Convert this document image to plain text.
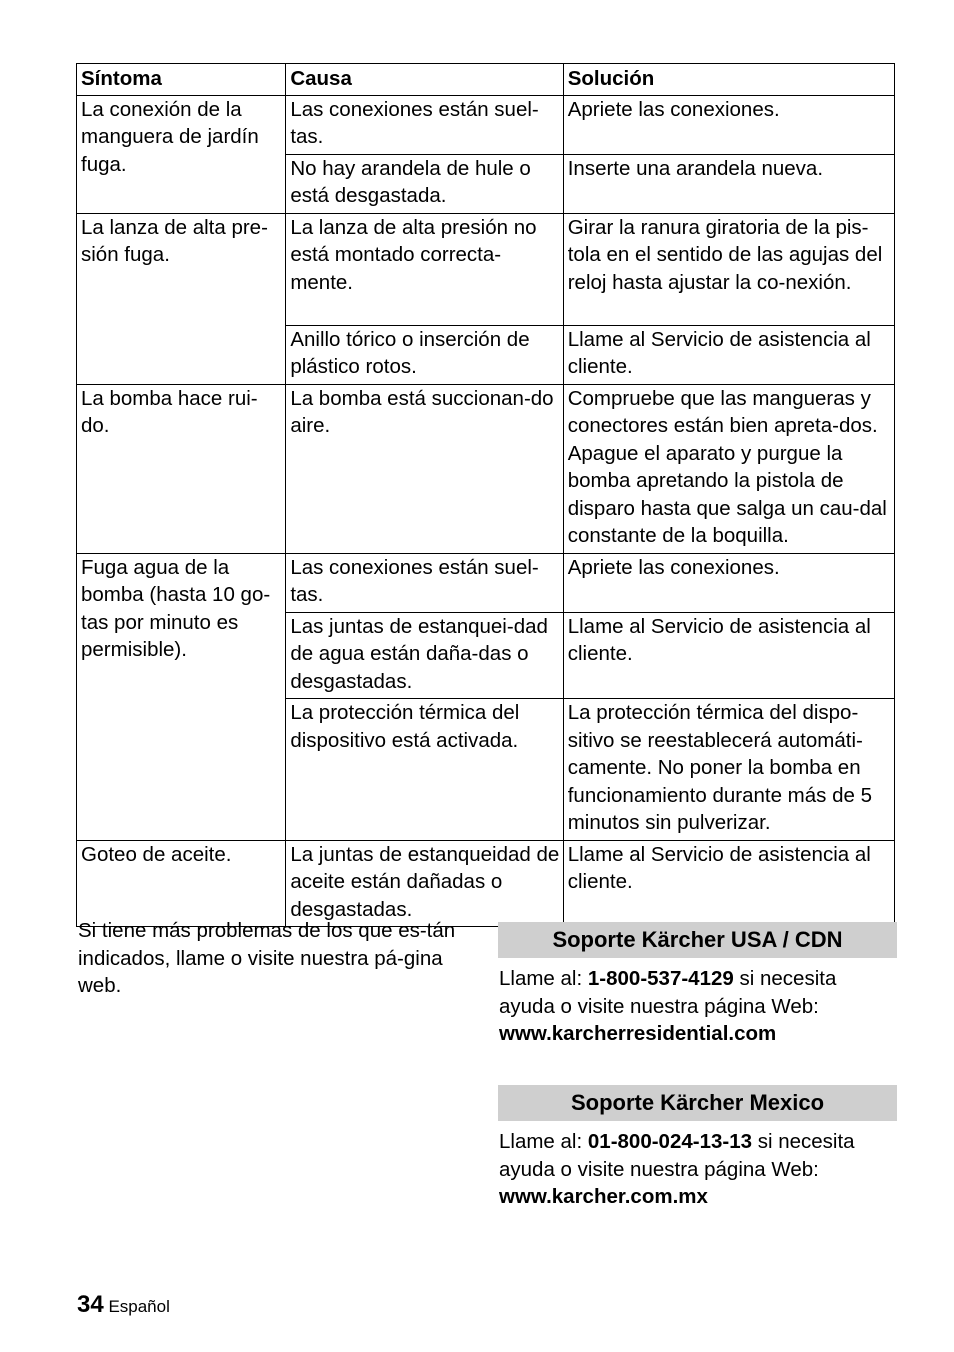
Síntoma	Causa	Solución
La conexión de la manguera de jardín fuga.	Las conexiones están suel-tas.	Apriete las conexiones.
	No hay arandela de hule o está desgastada.	Inserte una arandela nueva.
La lanza de alta pre-sión fuga.	La lanza de alta presión no está montado correcta-mente.	Girar la ranura giratoria de la pis-tola en el sentido de las agujas del reloj hasta ajustar la co-nexión.
	Anillo tórico o inserción de plástico rotos.	Llame al Servicio de asistencia al cliente.
La bomba hace rui-do.	La bomba está succionan-do aire.	Compruebe que las mangueras y conectores están bien apreta-dos. Apague el aparato y purgue la bomba apretando la pistola de disparo hasta que salga un cau-dal constante de la boquilla.
Fuga agua de la bomba (hasta 10 go-tas por minuto es permisible).	Las conexiones están suel-tas.	Apriete las conexiones.
	Las juntas de estanquei-dad de agua están daña-das o desgastadas.	Llame al Servicio de asistencia al cliente.
	La protección térmica del dispositivo está activada.	La protección térmica del dispo-sitivo se reestablecerá automáti-camente. No poner la bomba en funcionamiento durante más de 5 minutos sin pulverizar.
Goteo de aceite.	La juntas de estanqueidad de aceite están dañadas o desgastadas.	Llame al Servicio de asistencia al cliente.

Si tiene más problemas de los que es-tán indicados, llame o visite nuestra pá-gina web.

Soporte Kärcher USA / CDN

Llame al: 1-800-537-4129 si necesita ayuda o visite nuestra página Web:
www.karcherresidential.com

Soporte Kärcher Mexico

Llame al: 01-800-024-13-13 si necesita ayuda o visite nuestra página Web:
www.karcher.com.mx

34 Español
